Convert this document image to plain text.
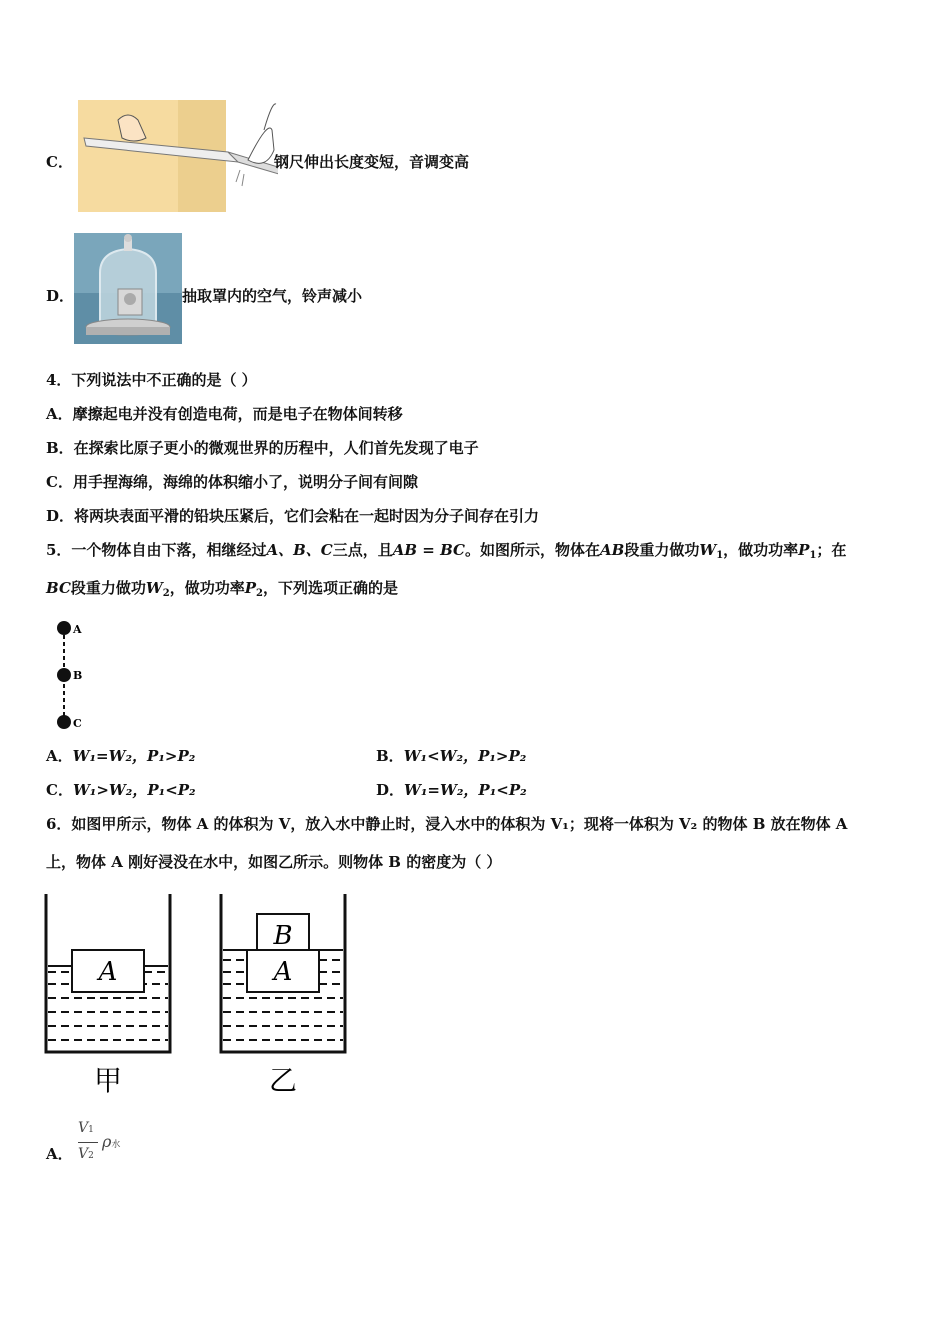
C．	钢尺伸出长度变短，音调变高
D．	抽取罩内的空气，铃声减小
4．下列说法中不正确的是（ ）
A．摩擦起电并没有创造电荷，而是电子在物体间转移
B．在探索比原子更小的微观世界的历程中，人们首先发现了电子
C．用手捏海绵，海绵的体积缩小了，说明分子间有间隙
D．将两块表面平滑的铅块压紧后，它们会粘在一起时因为分子间存在引力
5．一个物体自由下落，相继经过A、B、C三点，且AB = BC。如图所示，物体在AB段重力做功$W_1$，做功功率$P_1$；在
BC段重力做功$W_2$，做功功率$P_2$，下列选项正确的是
A
B
C
A．W₁=W₂，P₁>P₂	B．W₁<W₂，P₁>P₂
C．W₁>W₂，P₁<P₂	D．W₁=W₂，P₁<P₂
6．如图甲所示，物体 A 的体积为 V，放入水中静止时，浸入水中的体积为 V₁；现将一体积为 V₂ 的物体 B 放在物体 A
上，物体 A 刚好浸没在水中，如图乙所示。则物体 B 的密度为（ ）
A
甲
B
A
乙
A．
V1
V2
ρ水
